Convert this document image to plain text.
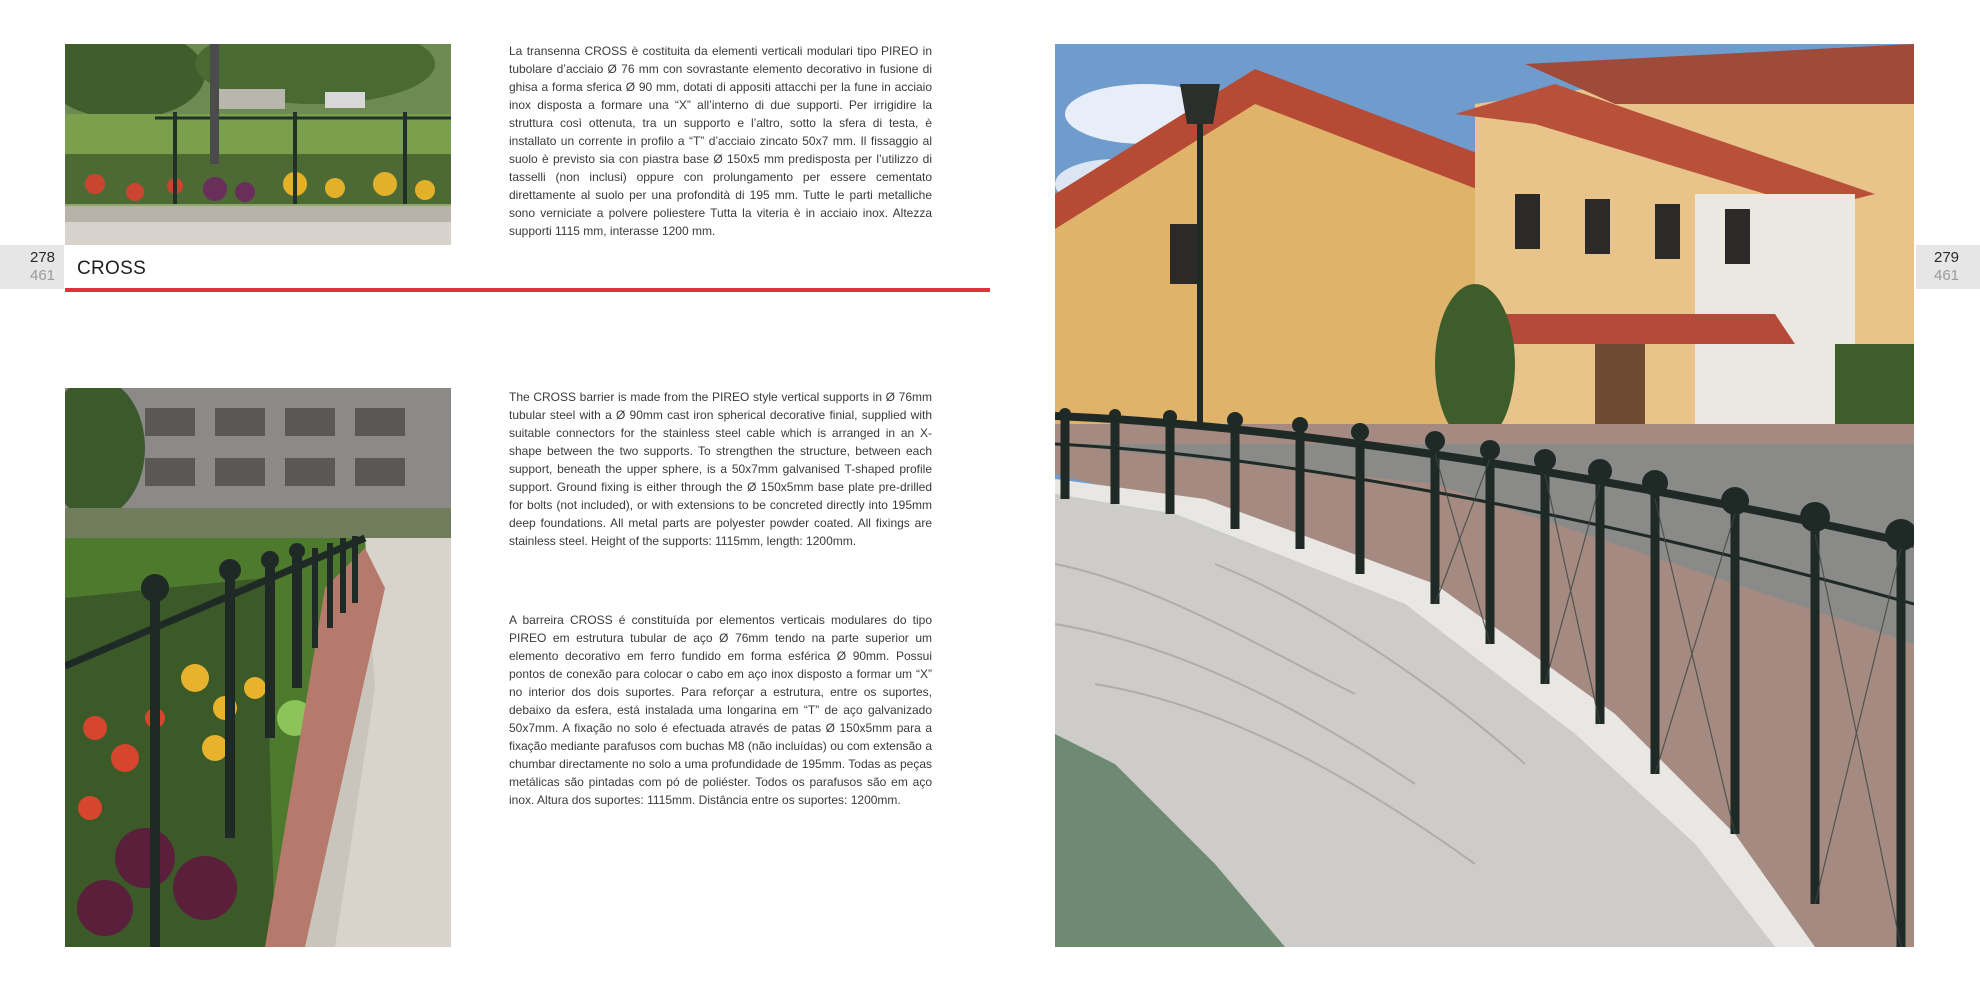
278
461
279
461
CROSS
La transenna CROSS è costituita da elementi verticali modulari tipo PIREO in tubolare d’acciaio Ø 76 mm con sovrastante elemento decorativo in fusione di ghisa a forma sferica Ø 90 mm, dotati di appositi attacchi per la fune in acciaio inox disposta a formare una “X” all’interno di due supporti. Per irrigidire la struttura così ottenuta, tra un supporto e l’altro, sotto la sfera di testa, è installato un corrente in profilo a “T” d’acciaio zincato 50x7 mm. Il fissaggio al suolo è previsto sia con piastra base Ø 150x5 mm predisposta per l’utilizzo di tasselli (non inclusi) oppure con prolungamento per essere cementato direttamente al suolo per una profondità di 195 mm. Tutte le parti metalliche sono verniciate a polvere poliestere Tutta la viteria è in acciaio inox. Altezza supporti 1115 mm, interasse 1200 mm.
The CROSS barrier is made from the PIREO style vertical supports in Ø 76mm tubular steel with a Ø 90mm cast iron spherical decorative finial, supplied with suitable connectors for the stainless steel cable which is arranged in an X-shape between the two supports. To strengthen the structure, between each support, beneath the upper sphere, is a 50x7mm galvanised T-shaped profile support. Ground fixing is either through the Ø 150x5mm base plate pre-drilled for bolts (not included), or with extensions to be concreted directly into 195mm deep foundations. All metal parts are polyester powder coated. All fixings are stainless steel. Height of the supports: 1115mm, length: 1200mm.
A barreira CROSS é constituída por elementos verticais modulares do tipo PIREO em estrutura tubular de aço Ø 76mm tendo na parte superior um elemento decorativo em ferro fundido em forma esférica Ø 90mm. Possui pontos de conexão para colocar o cabo em aço inox disposto a formar um “X” no interior dos dois suportes. Para reforçar a estrutura, entre os suportes, debaixo da esfera, está instalada uma longarina em “T” de aço galvanizado 50x7mm. A fixação no solo é efectuada através de patas Ø 150x5mm para a fixação mediante parafusos com buchas M8 (não incluídas) ou com extensão a chumbar directamente no solo a uma profundidade de 195mm. Todas as peças metálicas são pintadas com pó de poliéster. Todos os parafusos são em aço inox. Altura dos suportes: 1115mm. Distância entre os suportes: 1200mm.
